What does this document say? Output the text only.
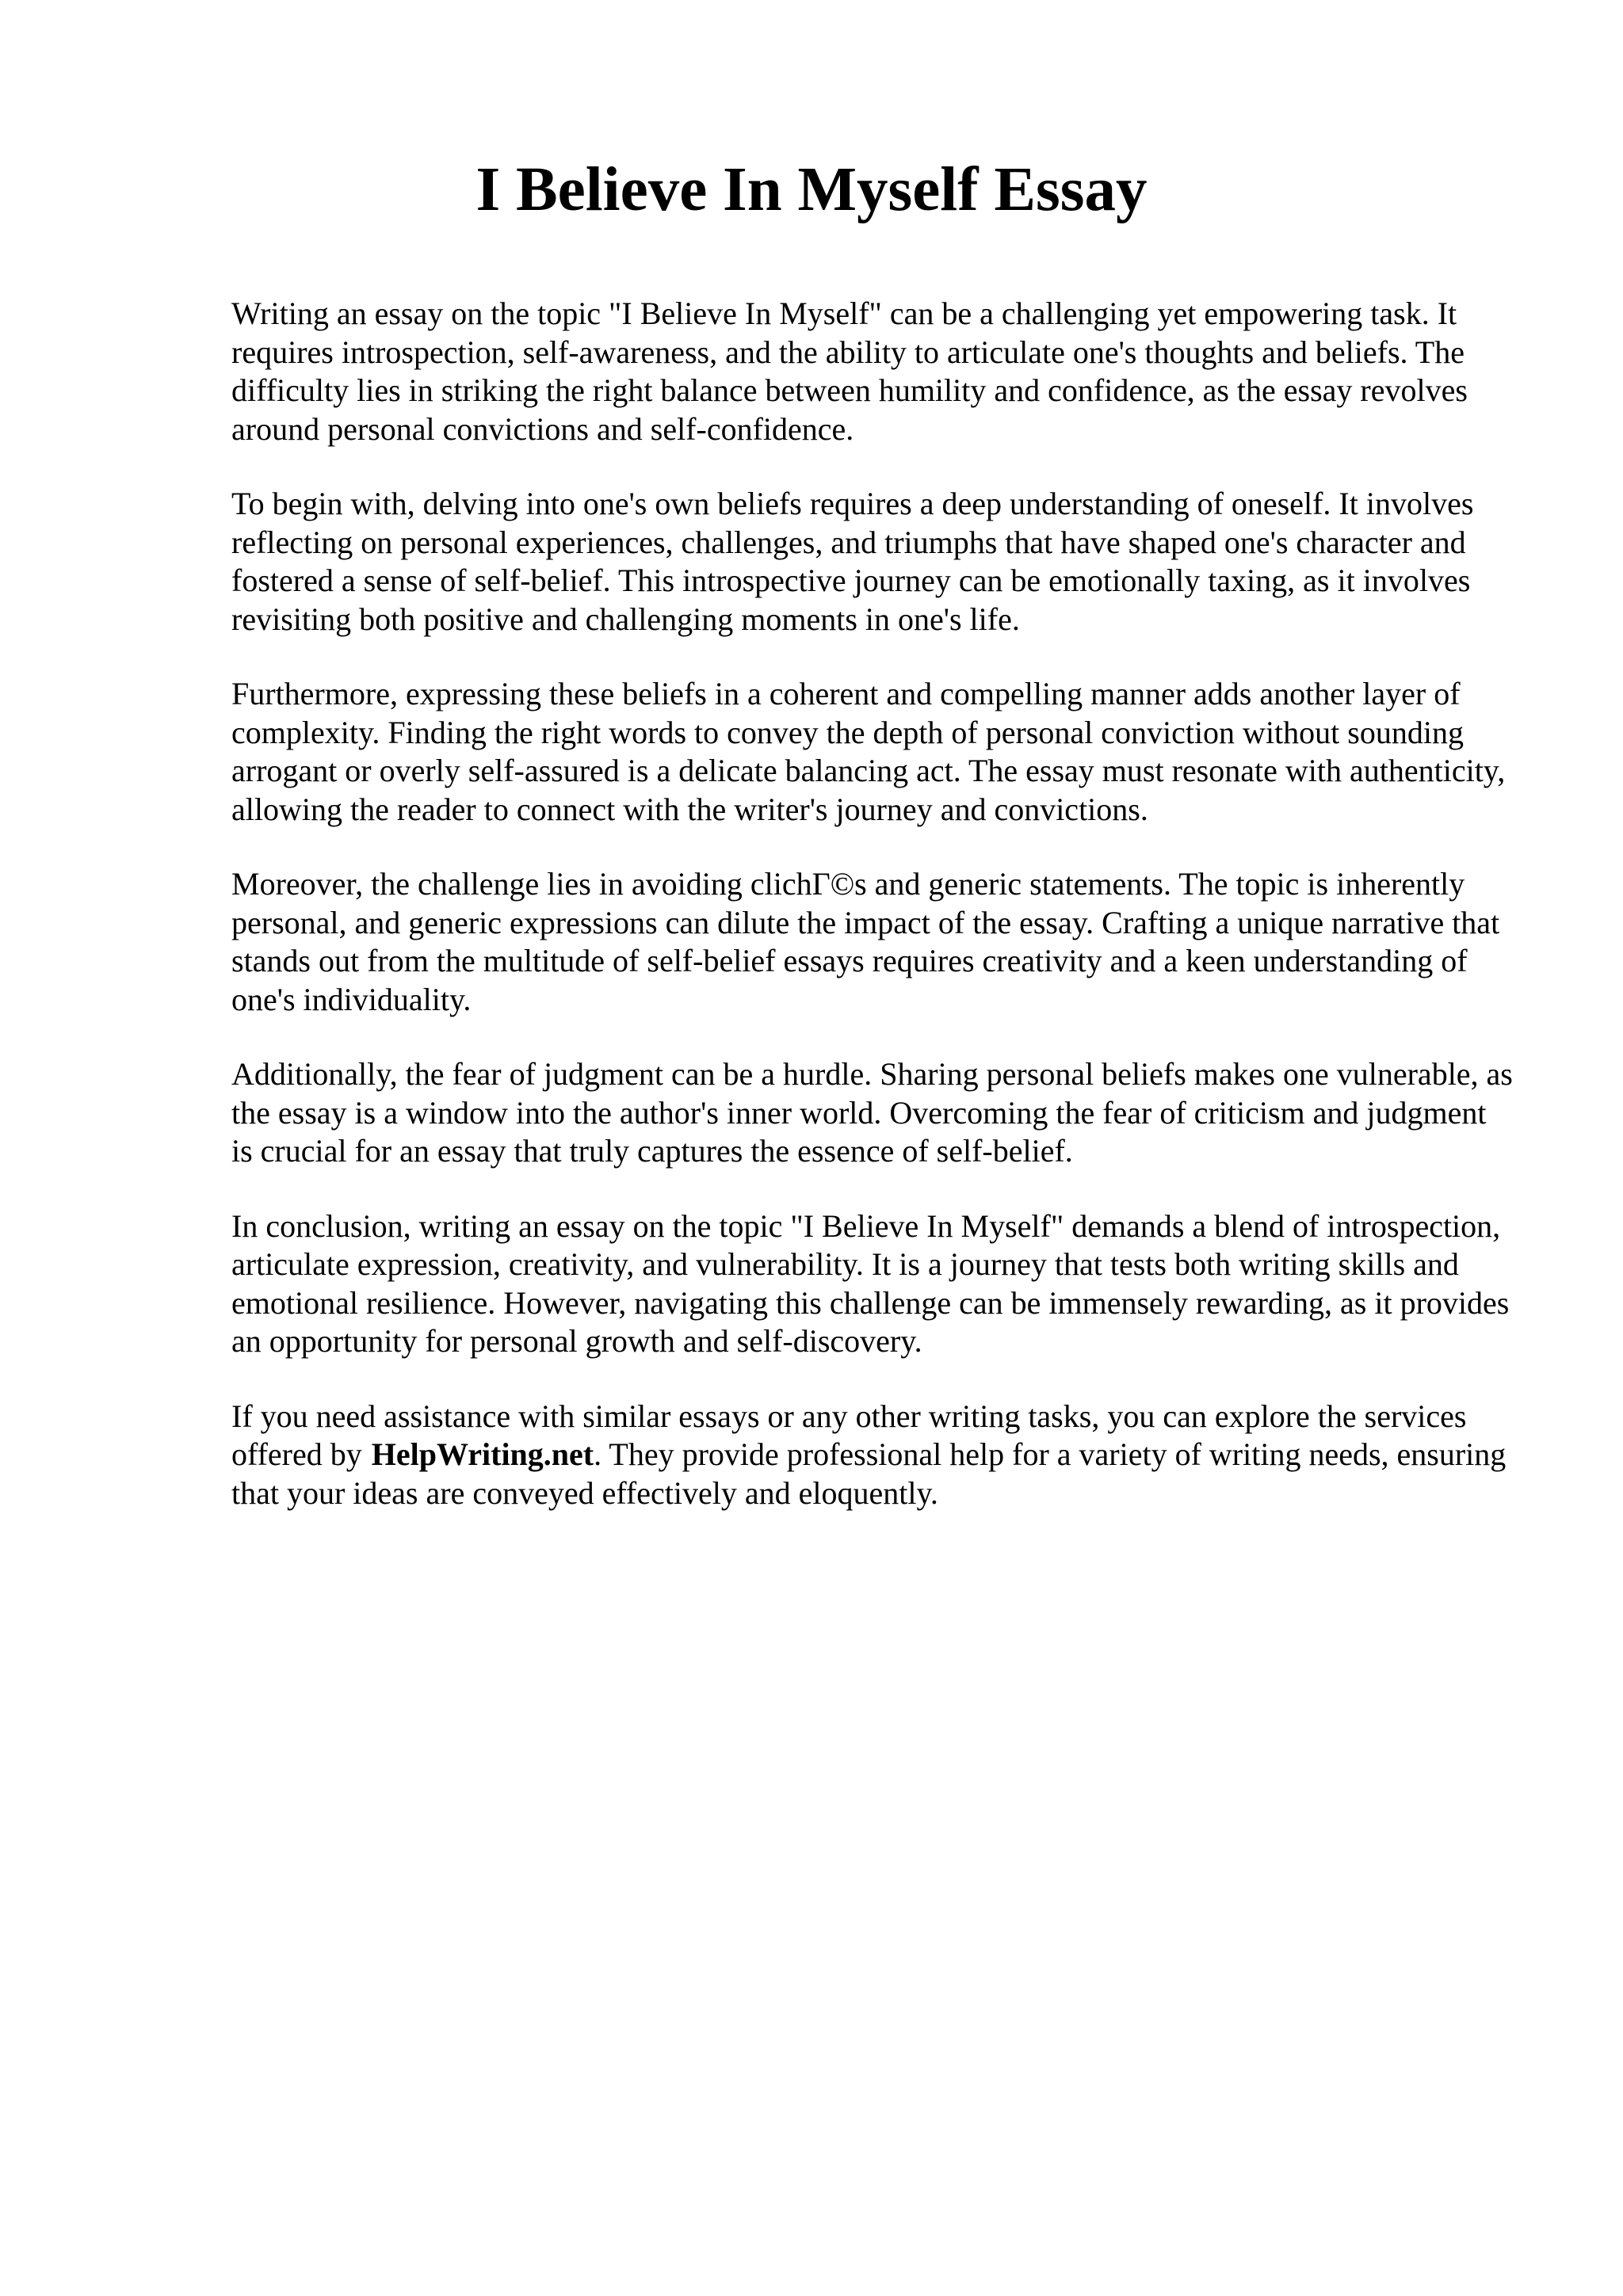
I Believe In Myself Essay

Writing an essay on the topic "I Believe In Myself" can be a challenging yet empowering task. It requires introspection, self-awareness, and the ability to articulate one's thoughts and beliefs. The difficulty lies in striking the right balance between humility and confidence, as the essay revolves around personal convictions and self-confidence.

To begin with, delving into one's own beliefs requires a deep understanding of oneself. It involves reflecting on personal experiences, challenges, and triumphs that have shaped one's character and fostered a sense of self-belief. This introspective journey can be emotionally taxing, as it involves revisiting both positive and challenging moments in one's life.

Furthermore, expressing these beliefs in a coherent and compelling manner adds another layer of complexity. Finding the right words to convey the depth of personal conviction without sounding arrogant or overly self-assured is a delicate balancing act. The essay must resonate with authenticity, allowing the reader to connect with the writer's journey and convictions.

Moreover, the challenge lies in avoiding clichГ©s and generic statements. The topic is inherently personal, and generic expressions can dilute the impact of the essay. Crafting a unique narrative that stands out from the multitude of self-belief essays requires creativity and a keen understanding of one's individuality.

Additionally, the fear of judgment can be a hurdle. Sharing personal beliefs makes one vulnerable, as the essay is a window into the author's inner world. Overcoming the fear of criticism and judgment is crucial for an essay that truly captures the essence of self-belief.

In conclusion, writing an essay on the topic "I Believe In Myself" demands a blend of introspection, articulate expression, creativity, and vulnerability. It is a journey that tests both writing skills and emotional resilience. However, navigating this challenge can be immensely rewarding, as it provides an opportunity for personal growth and self-discovery.

If you need assistance with similar essays or any other writing tasks, you can explore the services offered by HelpWriting.net. They provide professional help for a variety of writing needs, ensuring that your ideas are conveyed effectively and eloquently.
